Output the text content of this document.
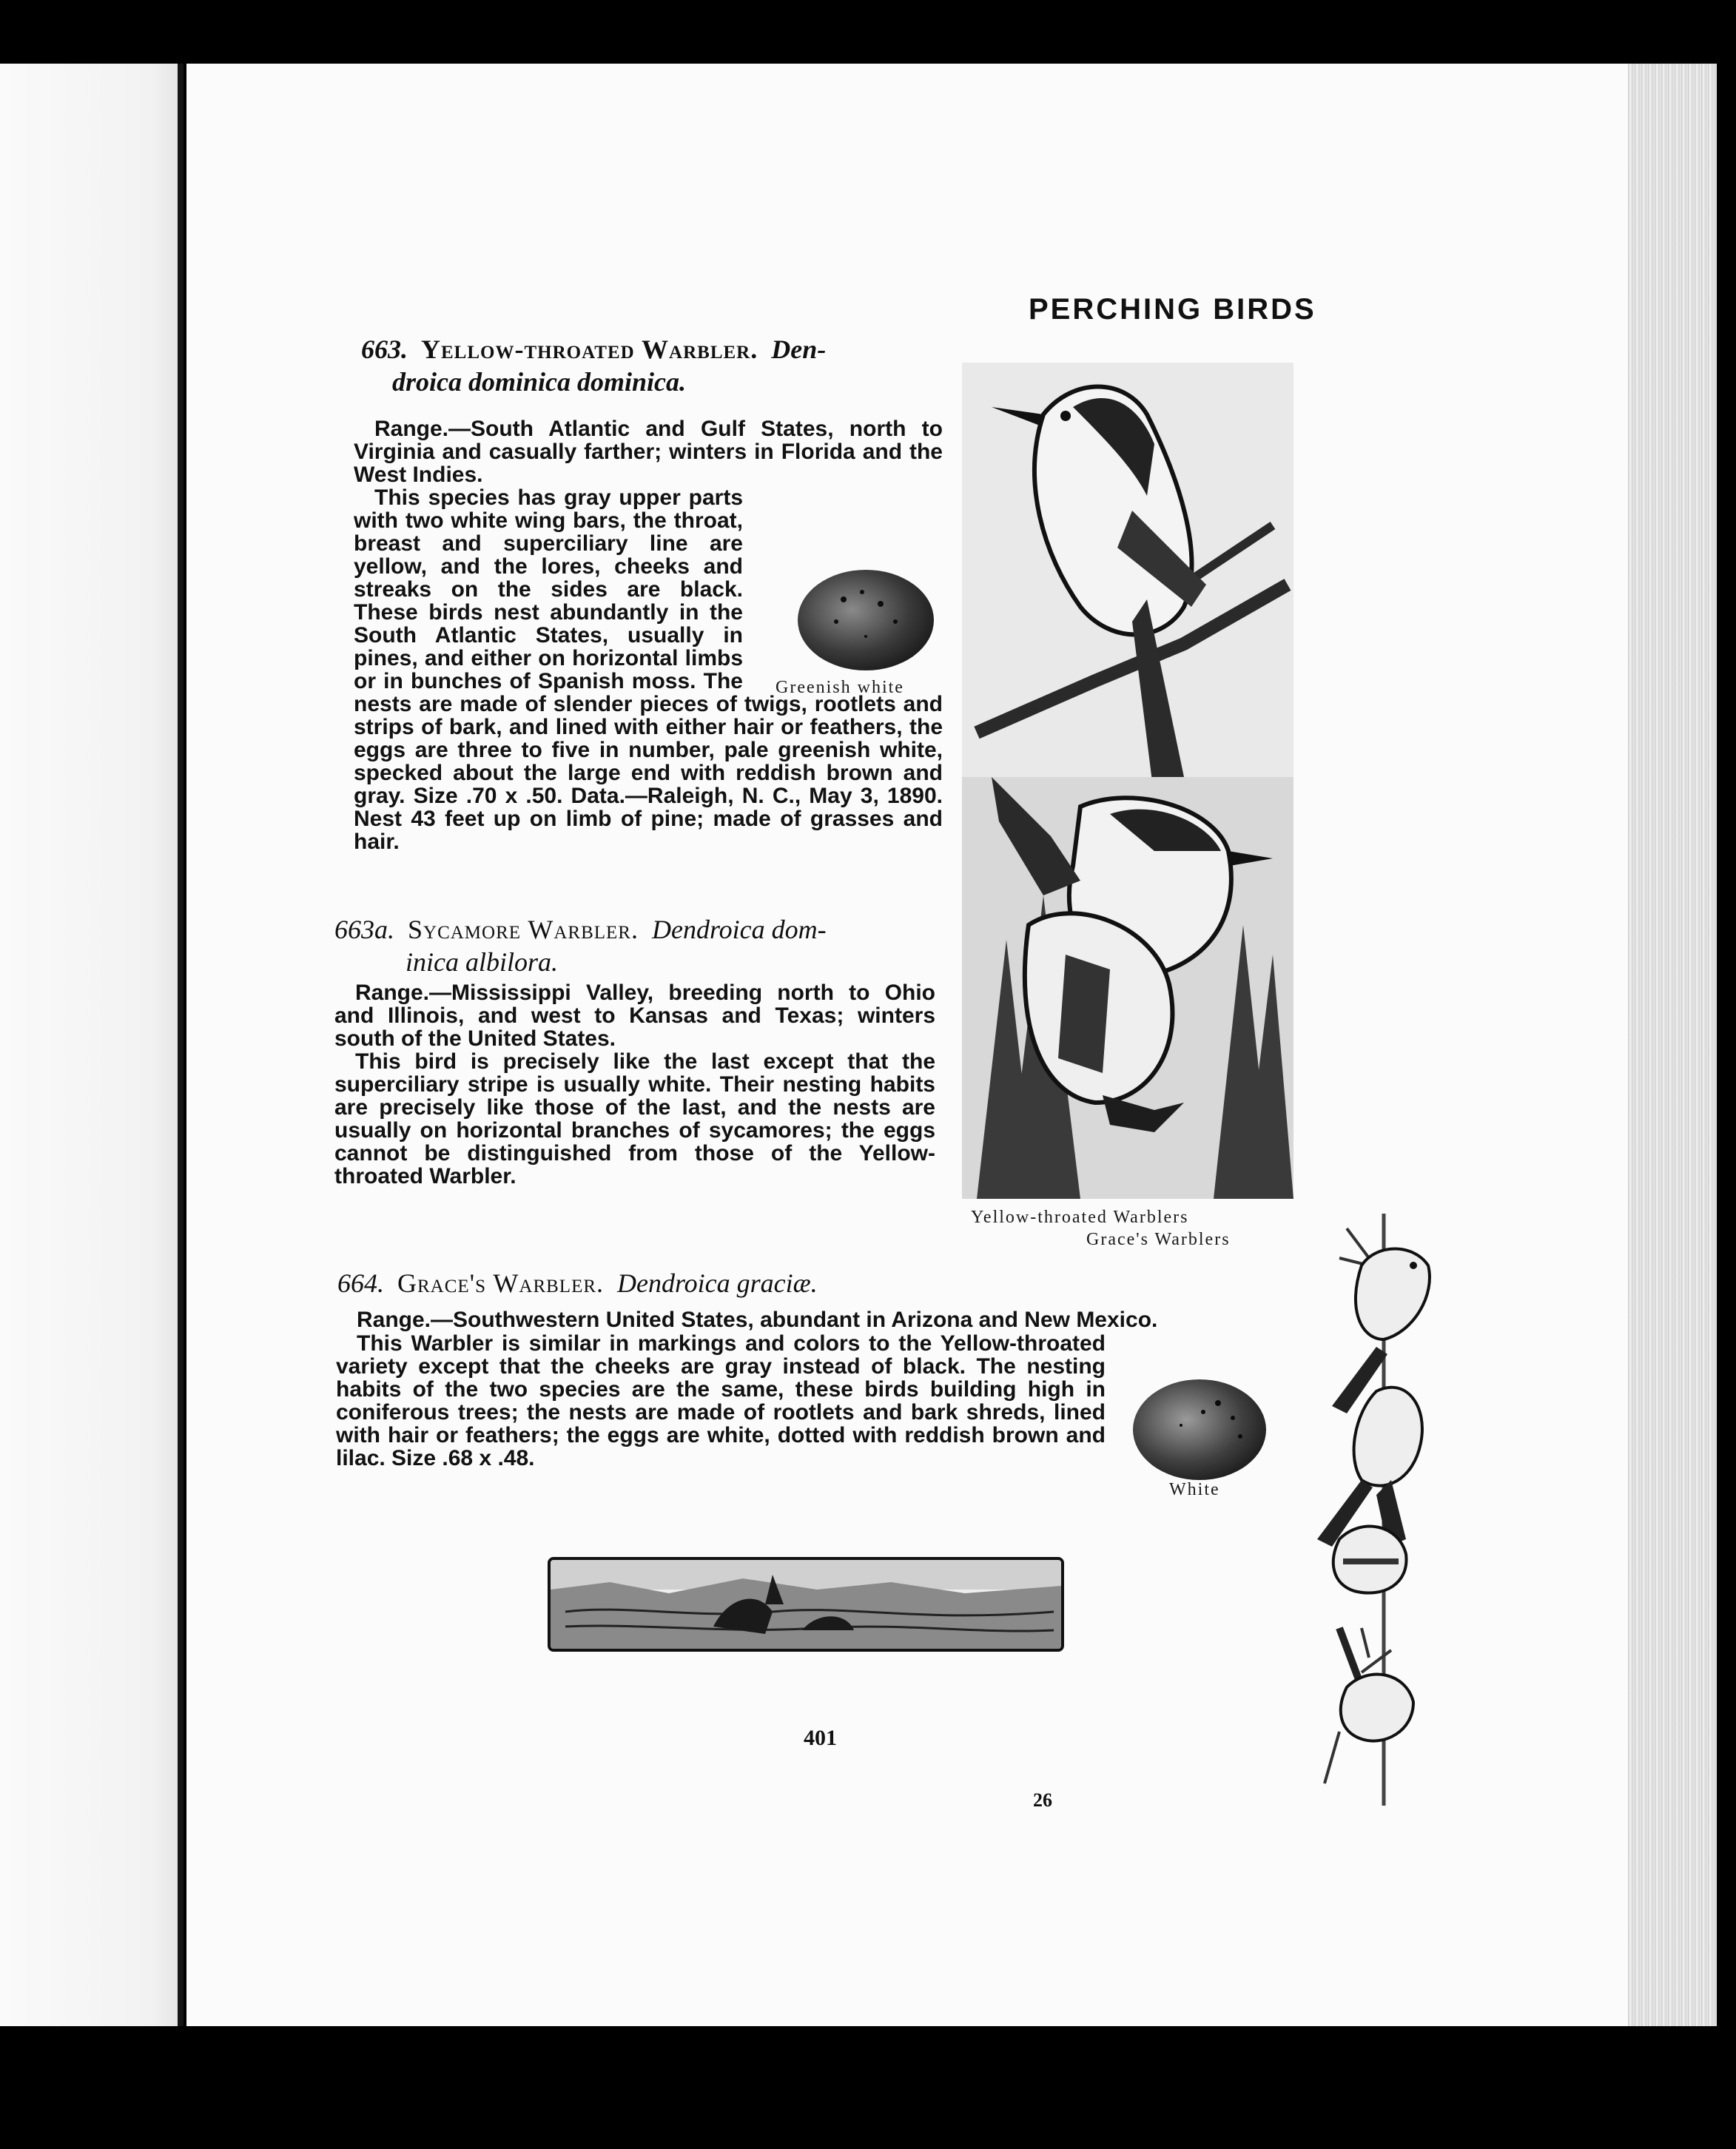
PERCHING BIRDS
663. Yellow-throated Warbler. Den-
droica dominica dominica.

Range.—South Atlantic and Gulf States, north to Virginia and casually farther; winters in Florida and the West Indies.

This species has gray upper parts with two white wing bars, the throat, breast and superciliary line are yellow, and the lores, cheeks and streaks on the sides are black. These birds nest abundantly in the South Atlantic States, usually in pines, and either on horizontal limbs or in bunches of Spanish moss. The nests are made of slender pieces of twigs, rootlets and strips of bark, and lined with either hair or feathers, the eggs are three to five in number, pale greenish white, specked about the large end with reddish brown and gray. Size .70 x .50. Data.—Raleigh, N. C., May 3, 1890. Nest 43 feet up on limb of pine; made of grasses and hair.

Greenish white
Yellow-throated Warblers
Grace's Warblers
663a. Sycamore Warbler. Dendroica dom-
inica albilora.

Range.—Mississippi Valley, breeding north to Ohio and Illinois, and west to Kansas and Texas; winters south of the United States.

This bird is precisely like the last except that the superciliary stripe is usually white. Their nesting habits are precisely like those of the last, and the nests are usually on horizontal branches of sycamores; the eggs cannot be distinguished from those of the Yellow-throated Warbler.

664. Grace's Warbler. Dendroica graciæ.

Range.—Southwestern United States, abundant in Arizona and New Mexico.

This Warbler is similar in markings and colors to the Yellow-throated variety except that the cheeks are gray instead of black. The nesting habits of the two species are the same, these birds building high in coniferous trees; the nests are made of rootlets and bark shreds, lined with hair or feathers; the eggs are white, dotted with reddish brown and lilac. Size .68 x .48.

White
401
26
